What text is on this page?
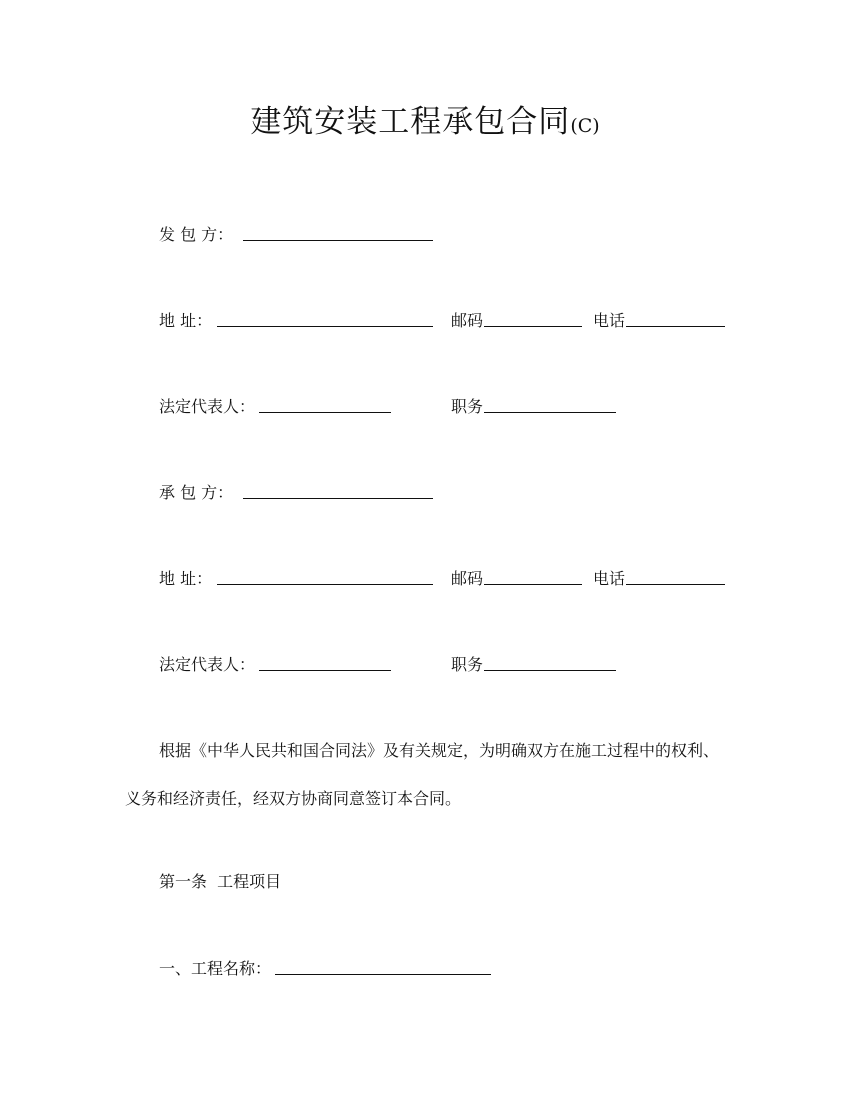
建筑安装工程承包合同(C)
发 包 方：
地 址：	邮码	电话
法定代表人：	职务
承 包 方：
地 址：	邮码	电话
法定代表人：	职务
根据《中华人民共和国合同法》及有关规定，为明确双方在施工过程中的权利、
义务和经济责任，经双方协商同意签订本合同。
第一条  工程项目
一、工程名称：
